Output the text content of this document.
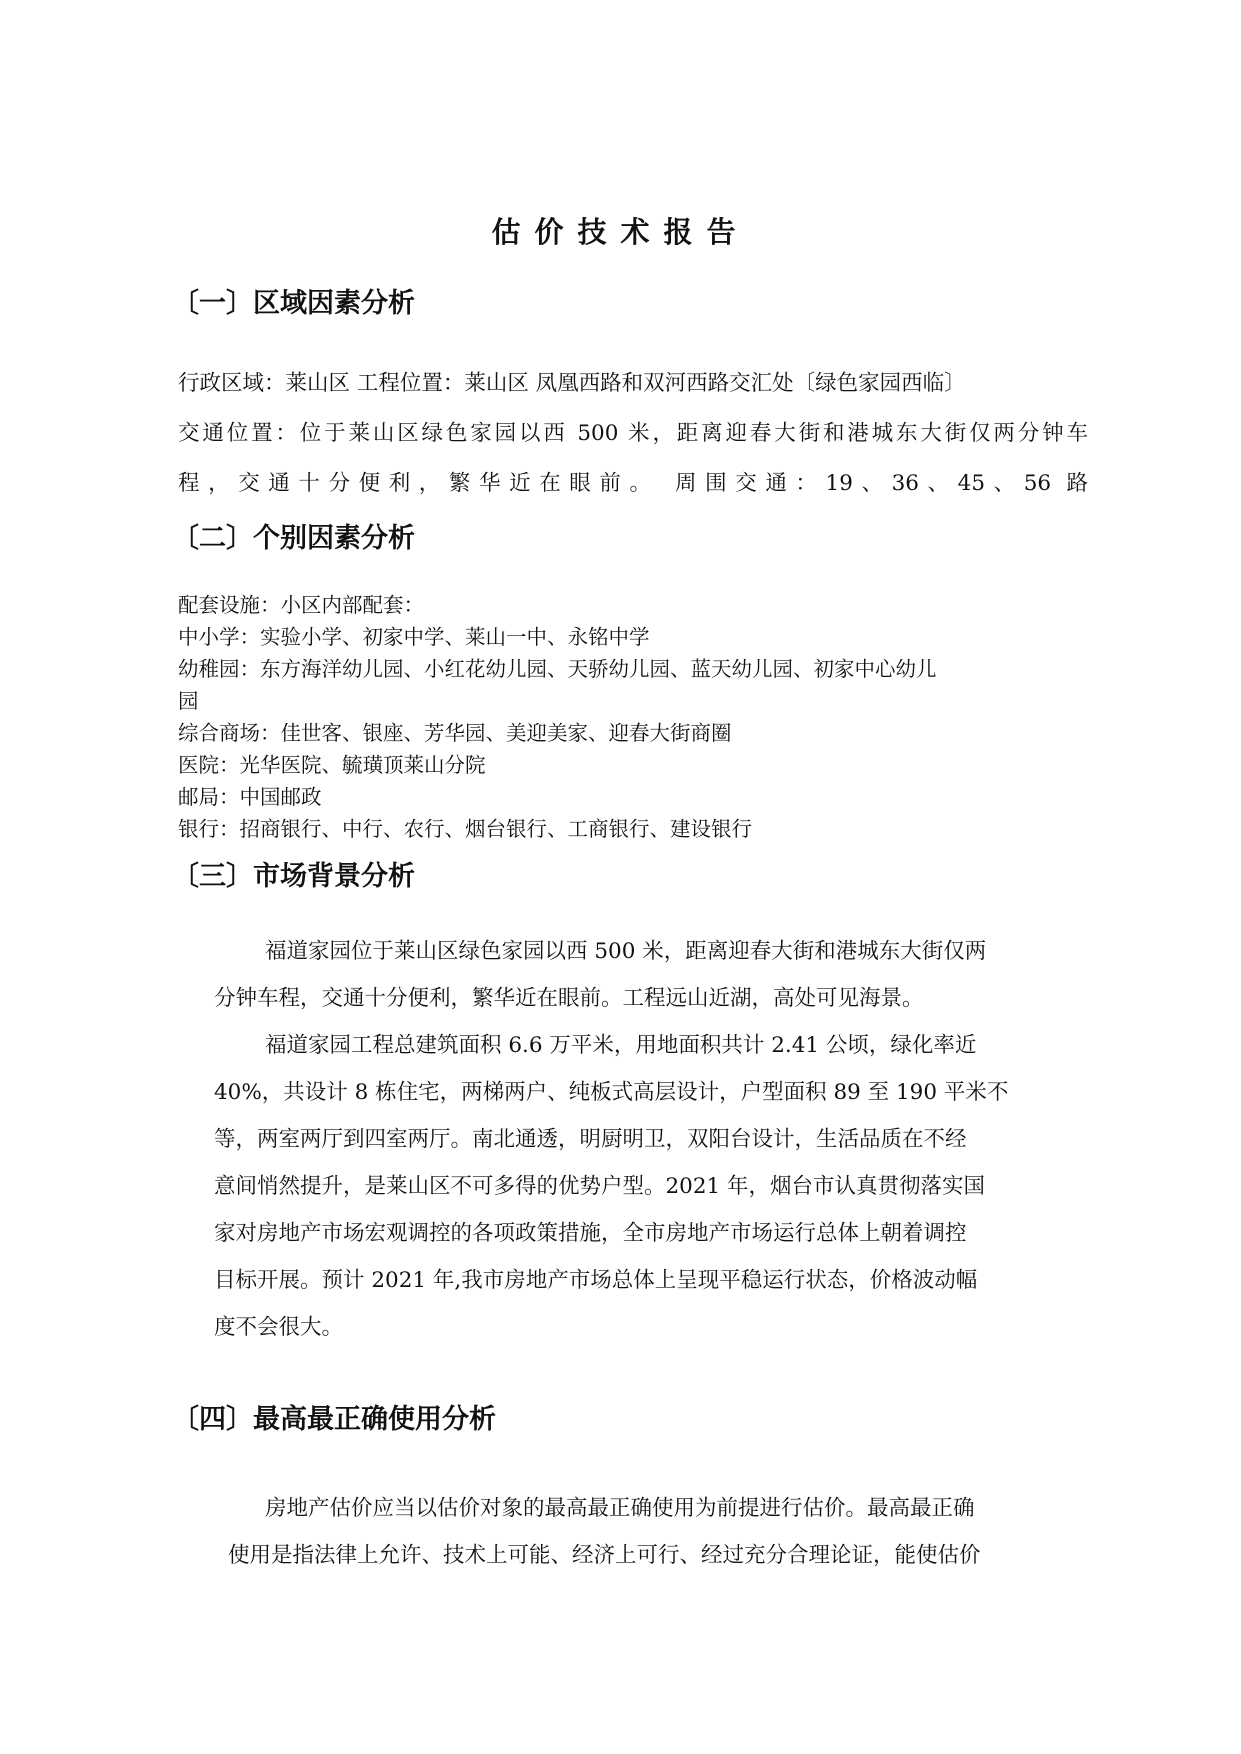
估价技术报告
〔一〕区域因素分析

行政区域：莱山区 工程位置：莱山区 凤凰西路和双河西路交汇处〔绿色家园西临〕

交通位置：位于莱山区绿色家园以西 500 米，距离迎春大街和港城东大街仅两分钟车

程，交通十分便利，繁华近在眼前。 周围交通：19、36、45、56 路

〔二〕个别因素分析

配套设施：小区内部配套：

中小学：实验小学、初家中学、莱山一中、永铭中学

幼稚园：东方海洋幼儿园、小红花幼儿园、天骄幼儿园、蓝天幼儿园、初家中心幼儿

园

综合商场：佳世客、银座、芳华园、美迎美家、迎春大街商圈

医院：光华医院、毓璜顶莱山分院

邮局：中国邮政

银行：招商银行、中行、农行、烟台银行、工商银行、建设银行

〔三〕市场背景分析

福道家园位于莱山区绿色家园以西 500 米，距离迎春大街和港城东大街仅两

分钟车程，交通十分便利，繁华近在眼前。工程远山近湖，高处可见海景。

福道家园工程总建筑面积 6.6 万平米，用地面积共计 2.41 公顷，绿化率近

40%，共设计 8 栋住宅，两梯两户、纯板式高层设计，户型面积 89 至 190 平米不

等，两室两厅到四室两厅。南北通透，明厨明卫，双阳台设计，生活品质在不经

意间悄然提升，是莱山区不可多得的优势户型。2021 年，烟台市认真贯彻落实国

家对房地产市场宏观调控的各项政策措施，全市房地产市场运行总体上朝着调控

目标开展。预计 2021 年,我市房地产市场总体上呈现平稳运行状态，价格波动幅

度不会很大。

〔四〕最高最正确使用分析

房地产估价应当以估价对象的最高最正确使用为前提进行估价。最高最正确

使用是指法律上允许、技术上可能、经济上可行、经过充分合理论证，能使估价
